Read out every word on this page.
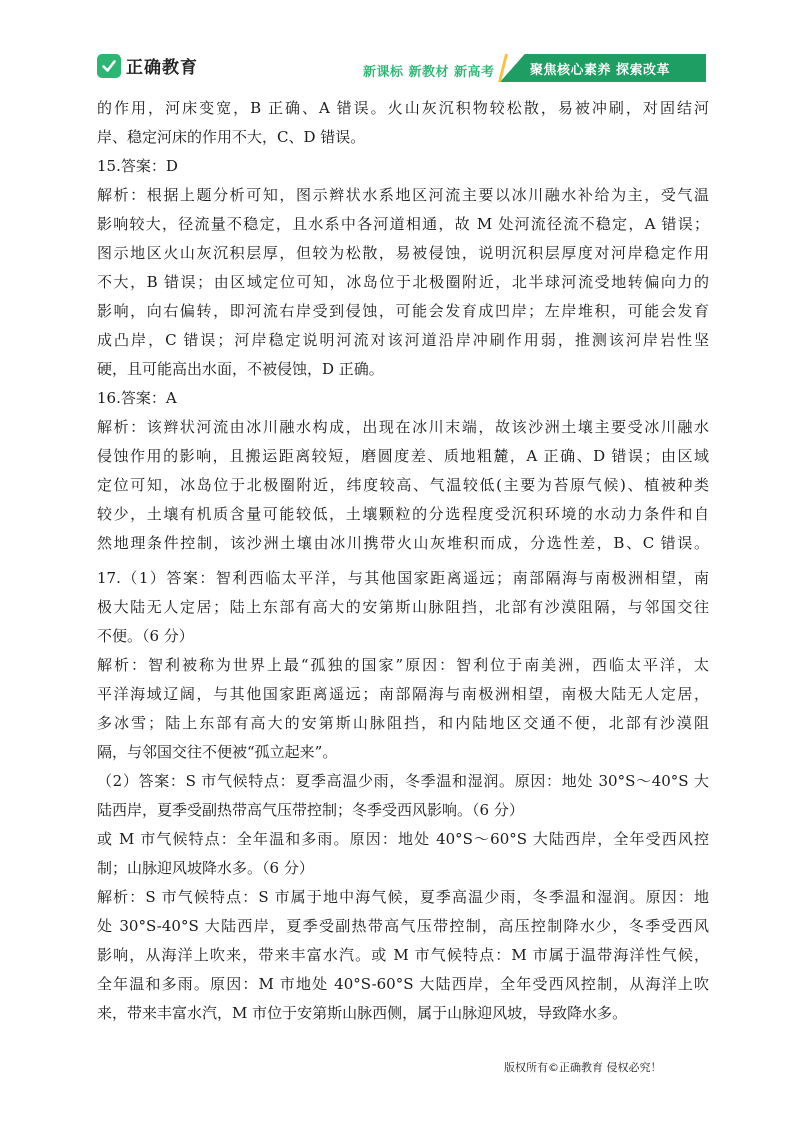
正确教育	新课标 新教材 新高考	聚焦核心素养 探索改革
的作用，河床变宽，B 正确、A 错误。火山灰沉积物较松散，易被冲刷，对固结河
岸、稳定河床的作用不大，C、D 错误。
15.答案：D
解析：根据上题分析可知，图示辫状水系地区河流主要以冰川融水补给为主，受气温
影响较大，径流量不稳定，且水系中各河道相通，故 M 处河流径流不稳定，A 错误；
图示地区火山灰沉积层厚，但较为松散，易被侵蚀，说明沉积层厚度对河岸稳定作用
不大，B 错误；由区域定位可知，冰岛位于北极圈附近，北半球河流受地转偏向力的
影响，向右偏转，即河流右岸受到侵蚀，可能会发育成凹岸；左岸堆积，可能会发育
成凸岸，C 错误；河岸稳定说明河流对该河道沿岸冲刷作用弱，推测该河岸岩性坚
硬，且可能高出水面，不被侵蚀，D 正确。
16.答案：A
解析：该辫状河流由冰川融水构成，出现在冰川末端，故该沙洲土壤主要受冰川融水
侵蚀作用的影响，且搬运距离较短，磨圆度差、质地粗麓，A 正确、D 错误；由区域
定位可知，冰岛位于北极圈附近，纬度较高、气温较低(主要为苔原气候)、植被种类
较少，土壤有机质含量可能较低，土壤颗粒的分选程度受沉积环境的水动力条件和自
然地理条件控制，该沙洲土壤由冰川携带火山灰堆积而成，分选性差，B、C 错误。
17.（1）答案：智利西临太平洋，与其他国家距离遥远；南部隔海与南极洲相望，南
极大陆无人定居；陆上东部有高大的安第斯山脉阻挡，北部有沙漠阻隔，与邻国交往
不便。（6 分）
解析：智利被称为世界上最“孤独的国家”原因：智利位于南美洲，西临太平洋，太
平洋海域辽阔，与其他国家距离遥远；南部隔海与南极洲相望，南极大陆无人定居，
多冰雪；陆上东部有高大的安第斯山脉阻挡，和内陆地区交通不便，北部有沙漠阻
隔，与邻国交往不便被“孤立起来”。
（2）答案：S 市气候特点：夏季高温少雨，冬季温和湿润。原因：地处 30°S～40°S 大
陆西岸，夏季受副热带高气压带控制；冬季受西风影响。（6 分）
或 M 市气候特点：全年温和多雨。原因：地处 40°S～60°S 大陆西岸，全年受西风控
制；山脉迎风坡降水多。（6 分）
解析：S 市气候特点：S 市属于地中海气候，夏季高温少雨，冬季温和湿润。原因：地
处 30°S-40°S 大陆西岸，夏季受副热带高气压带控制，高压控制降水少，冬季受西风
影响，从海洋上吹来，带来丰富水汽。或 M 市气候特点：M 市属于温带海洋性气候，
全年温和多雨。原因：M 市地处 40°S-60°S 大陆西岸，全年受西风控制，从海洋上吹
来，带来丰富水汽，M 市位于安第斯山脉西侧，属于山脉迎风坡，导致降水多。
版权所有©正确教育 侵权必究！
